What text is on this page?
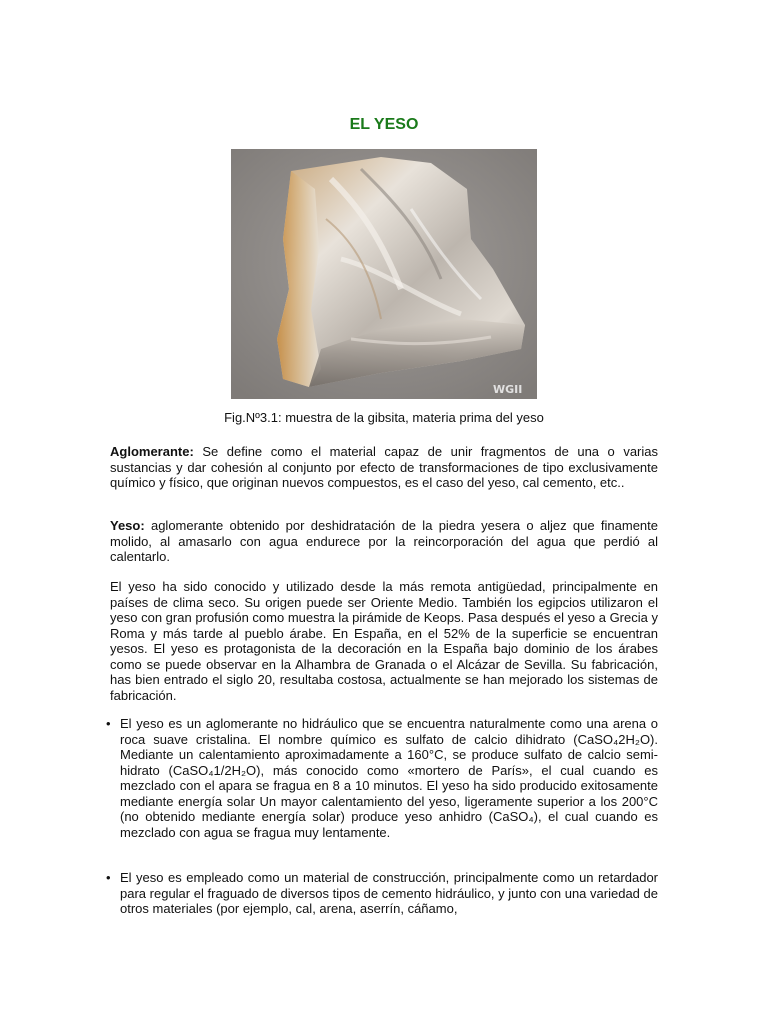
EL YESO
WGII
Fig.Nº3.1: muestra de la gibsita, materia prima del yeso
Aglomerante: Se define como el material capaz de unir fragmentos de una o varias sustancias y dar cohesión al conjunto por efecto de transformaciones de tipo exclusivamente químico y físico, que originan nuevos compuestos, es el caso del yeso, cal cemento, etc..
Yeso: aglomerante obtenido por deshidratación de la piedra yesera o aljez que finamente molido, al amasarlo con agua endurece por la reincorporación del agua que perdió al calentarlo.
El yeso ha sido conocido y utilizado desde la más remota antigüedad, principalmente en países de clima seco. Su origen puede ser Oriente Medio. También los egipcios utilizaron el yeso con gran profusión como muestra la pirámide de Keops. Pasa después el yeso a Grecia y Roma y más tarde al pueblo árabe. En España, en el 52% de la superficie se encuentran yesos. El yeso es protagonista de la decoración en la España bajo dominio de los árabes como se puede observar en la Alhambra de Granada o el Alcázar de Sevilla. Su fabricación, has bien entrado el siglo 20, resultaba costosa, actualmente se han mejorado los sistemas de fabricación.
• El yeso es un aglomerante no hidráulico que se encuentra naturalmente como una arena o roca suave cristalina. El nombre químico es sulfato de calcio dihidrato (CaSO₄2H₂O). Mediante un calentamiento aproximadamente a 160°C, se produce sulfato de calcio semi-hidrato (CaSO₄1/2H₂O), más conocido como «mortero de París», el cual cuando es mezclado con el apara se fragua en 8 a 10 minutos. El yeso ha sido producido exitosamente mediante energía solar Un mayor calentamiento del yeso, ligeramente superior a los 200°C (no obtenido mediante energía solar) produce yeso anhidro (CaSO₄), el cual cuando es mezclado con agua se fragua muy lentamente.
• El yeso es empleado como un material de construcción, principalmente como un retardador para regular el fraguado de diversos tipos de cemento hidráulico, y junto con una variedad de otros materiales (por ejemplo, cal, arena, aserrín, cáñamo,
